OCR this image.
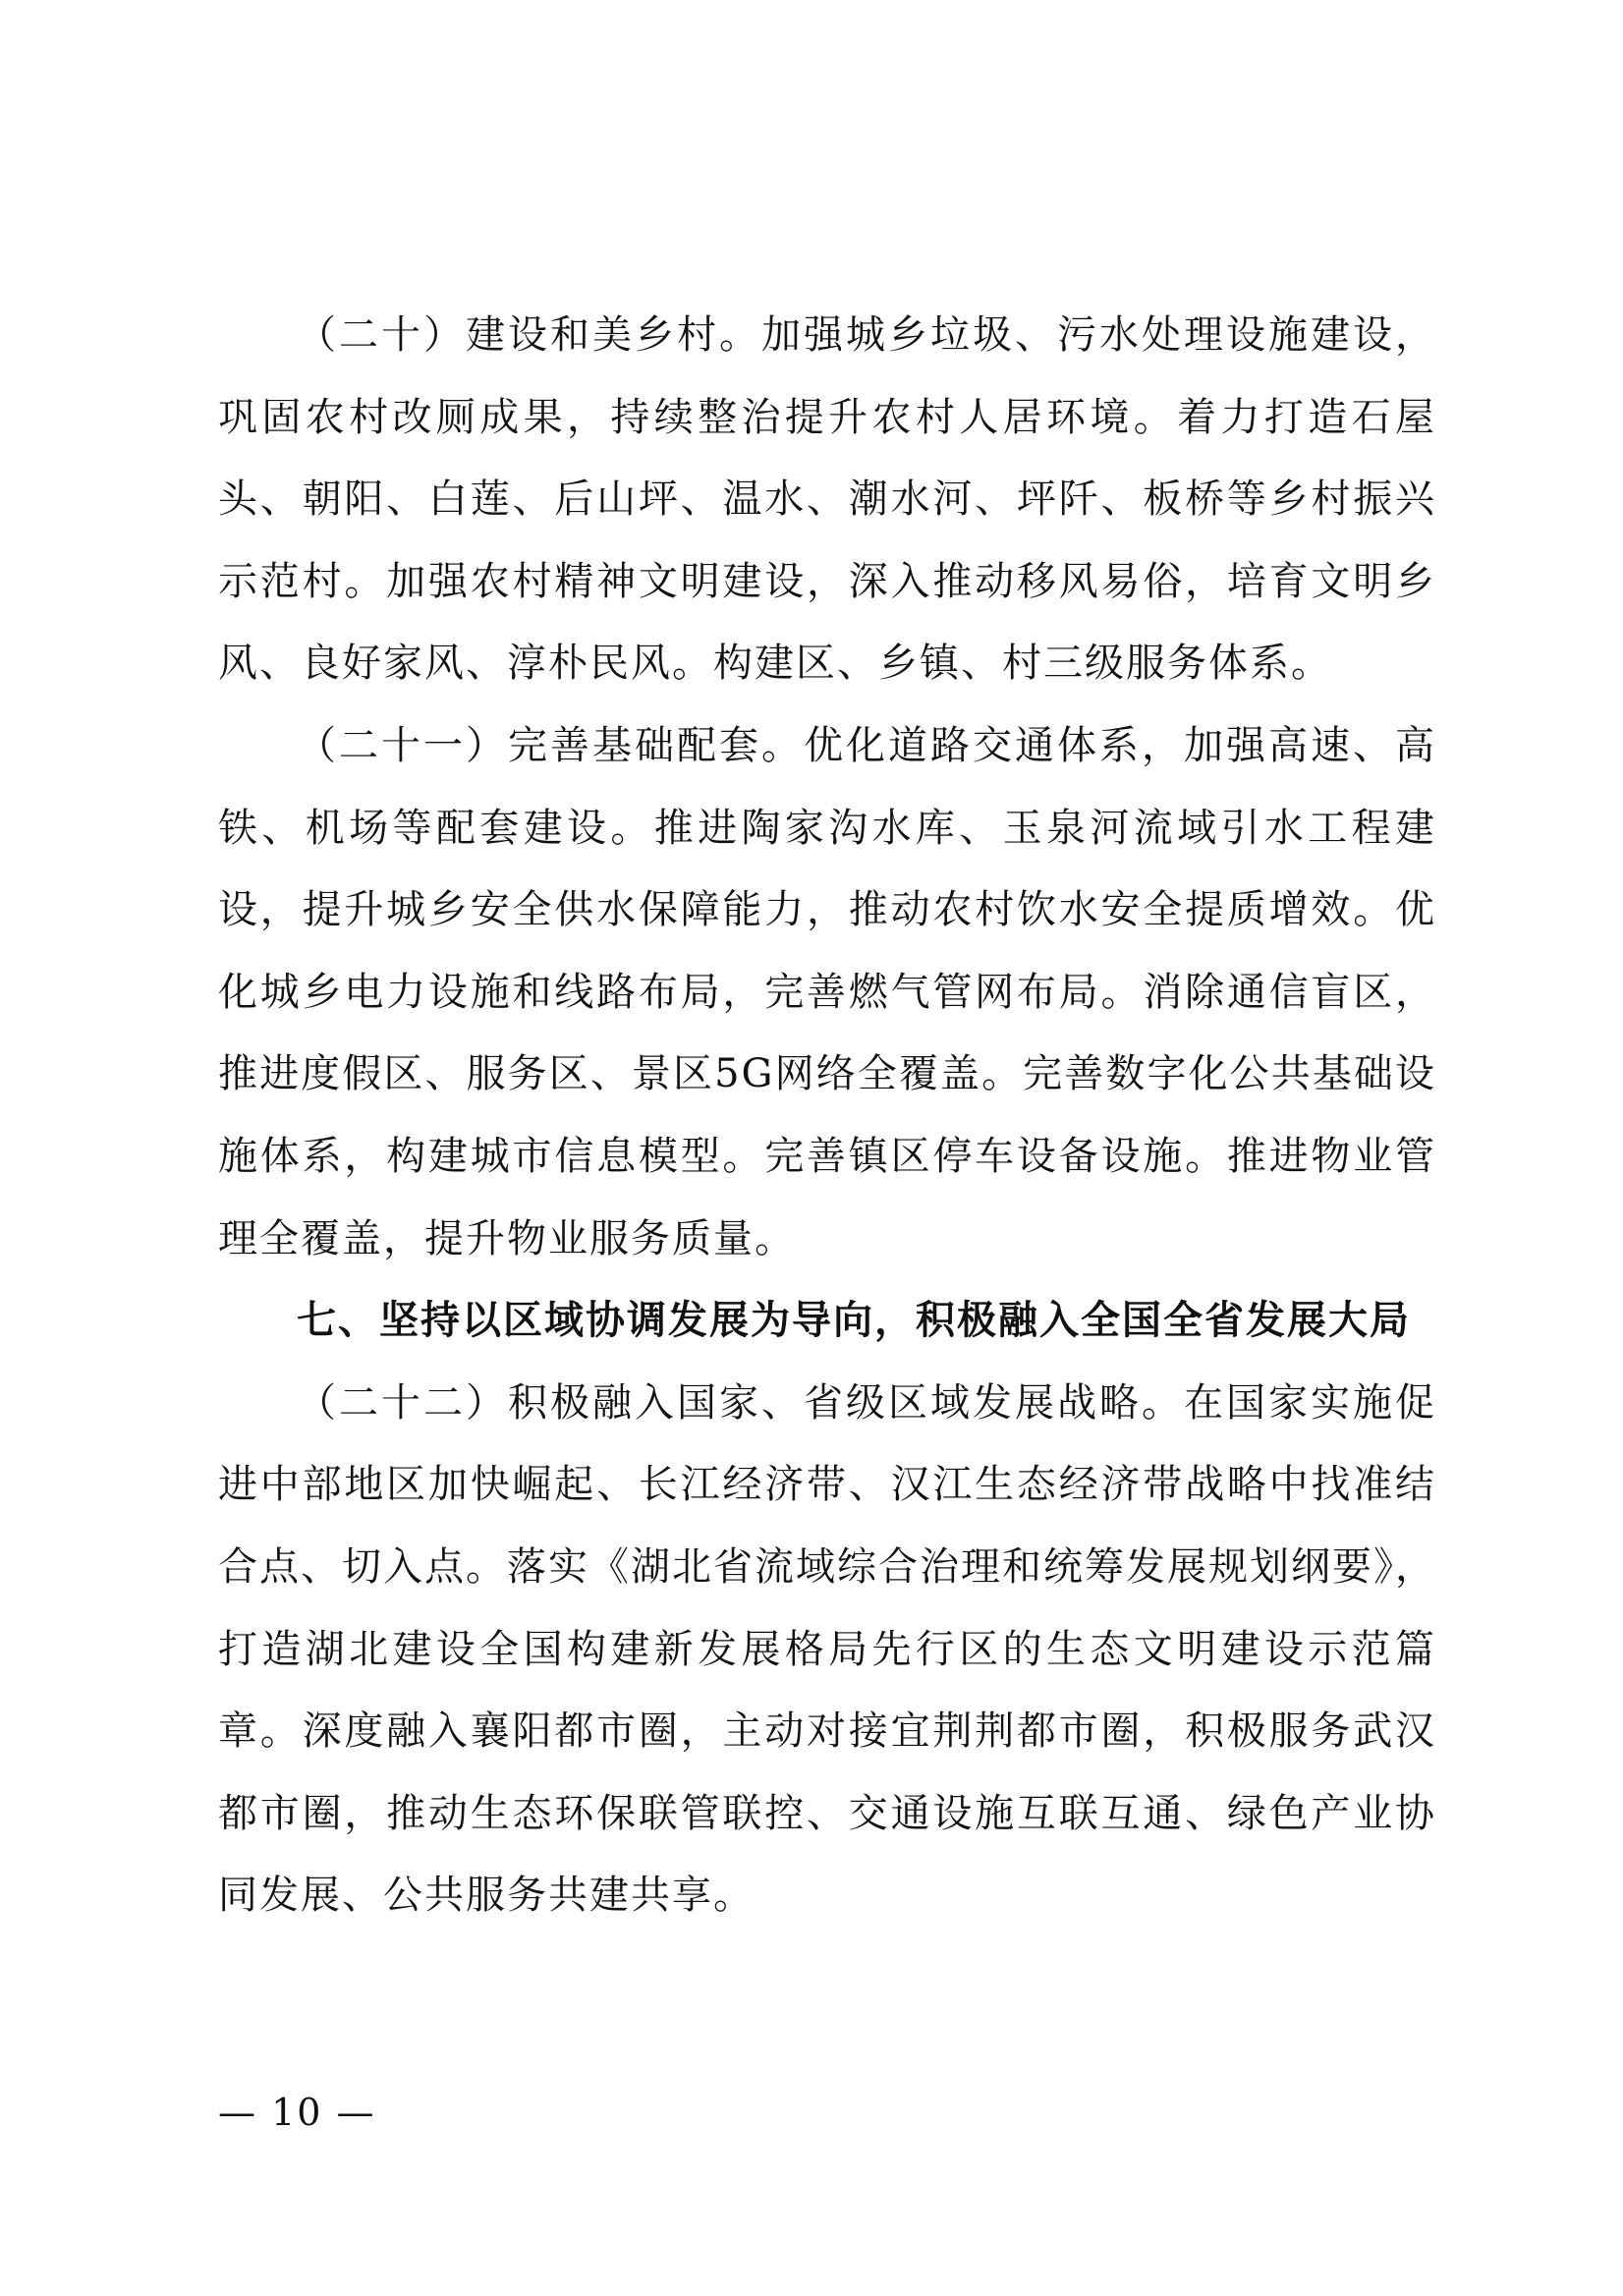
（二十）建设和美乡村。加强城乡垃圾、污水处理设施建设，巩固农村改厕成果，持续整治提升农村人居环境。着力打造石屋头、朝阳、白莲、后山坪、温水、潮水河、坪阡、板桥等乡村振兴示范村。加强农村精神文明建设，深入推动移风易俗，培育文明乡风、良好家风、淳朴民风。构建区、乡镇、村三级服务体系。

（二十一）完善基础配套。优化道路交通体系，加强高速、高铁、机场等配套建设。推进陶家沟水库、玉泉河流域引水工程建设，提升城乡安全供水保障能力，推动农村饮水安全提质增效。优化城乡电力设施和线路布局，完善燃气管网布局。消除通信盲区，推进度假区、服务区、景区5G网络全覆盖。完善数字化公共基础设施体系，构建城市信息模型。完善镇区停车设备设施。推进物业管理全覆盖，提升物业服务质量。

七、坚持以区域协调发展为导向，积极融入全国全省发展大局

（二十二）积极融入国家、省级区域发展战略。在国家实施促进中部地区加快崛起、长江经济带、汉江生态经济带战略中找准结合点、切入点。落实《湖北省流域综合治理和统筹发展规划纲要》，打造湖北建设全国构建新发展格局先行区的生态文明建设示范篇章。深度融入襄阳都市圈，主动对接宜荆荆都市圈，积极服务武汉都市圈，推动生态环保联管联控、交通设施互联互通、绿色产业协同发展、公共服务共建共享。

— 10 —
